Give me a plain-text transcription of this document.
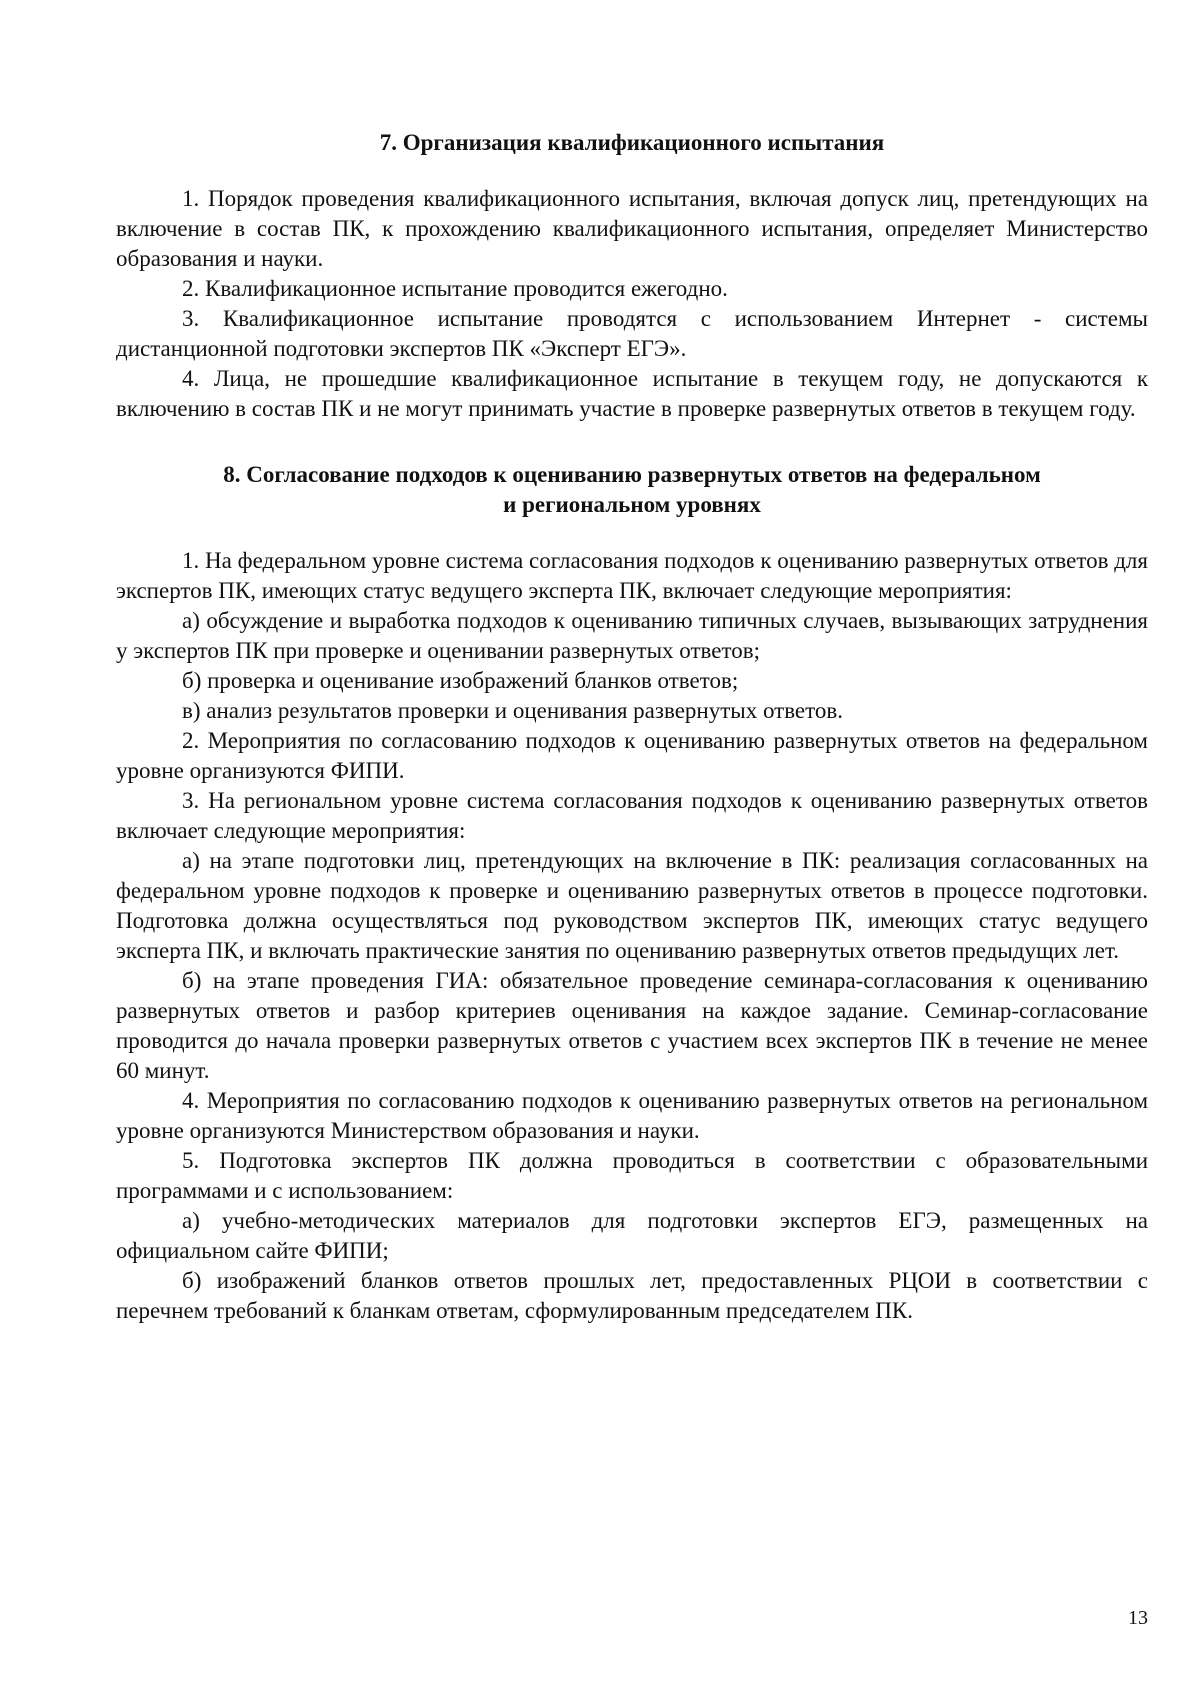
7. Организация квалификационного испытания

1. Порядок проведения квалификационного испытания, включая допуск лиц, претендующих на включение в состав ПК, к прохождению квалификационного испытания, определяет Министерство образования и науки.

2. Квалификационное испытание проводится ежегодно.

3. Квалификационное испытание проводятся с использованием Интернет - системы дистанционной подготовки экспертов ПК «Эксперт ЕГЭ».

4. Лица, не прошедшие квалификационное испытание в текущем году, не допускаются к включению в состав ПК и не могут принимать участие в проверке развернутых ответов в текущем году.

8. Согласование подходов к оцениванию развернутых ответов на федеральном
и региональном уровнях

1. На федеральном уровне система согласования подходов к оцениванию развернутых ответов для экспертов ПК, имеющих статус ведущего эксперта ПК, включает следующие мероприятия:

а) обсуждение и выработка подходов к оцениванию типичных случаев, вызывающих затруднения у экспертов ПК при проверке и оценивании развернутых ответов;

б) проверка и оценивание изображений бланков ответов;

в) анализ результатов проверки и оценивания развернутых ответов.

2. Мероприятия по согласованию подходов к оцениванию развернутых ответов на федеральном уровне организуются ФИПИ.

3. На региональном уровне система согласования подходов к оцениванию развернутых ответов включает следующие мероприятия:

а) на этапе подготовки лиц, претендующих на включение в ПК: реализация согласованных на федеральном уровне подходов к проверке и оцениванию развернутых ответов в процессе подготовки. Подготовка должна осуществляться под руководством экспертов ПК, имеющих статус ведущего эксперта ПК, и включать практические занятия по оцениванию развернутых ответов предыдущих лет.

б) на этапе проведения ГИА: обязательное проведение семинара-согласования к оцениванию развернутых ответов и разбор критериев оценивания на каждое задание. Семинар-согласование проводится до начала проверки развернутых ответов с участием всех экспертов ПК в течение не менее 60 минут.

4. Мероприятия по согласованию подходов к оцениванию развернутых ответов на региональном уровне организуются Министерством образования и науки.

5. Подготовка экспертов ПК должна проводиться в соответствии с образовательными программами и с использованием:

а) учебно-методических материалов для подготовки экспертов ЕГЭ, размещенных на официальном сайте ФИПИ;

б) изображений бланков ответов прошлых лет, предоставленных РЦОИ в соответствии с перечнем требований к бланкам ответам, сформулированным председателем ПК.

13
